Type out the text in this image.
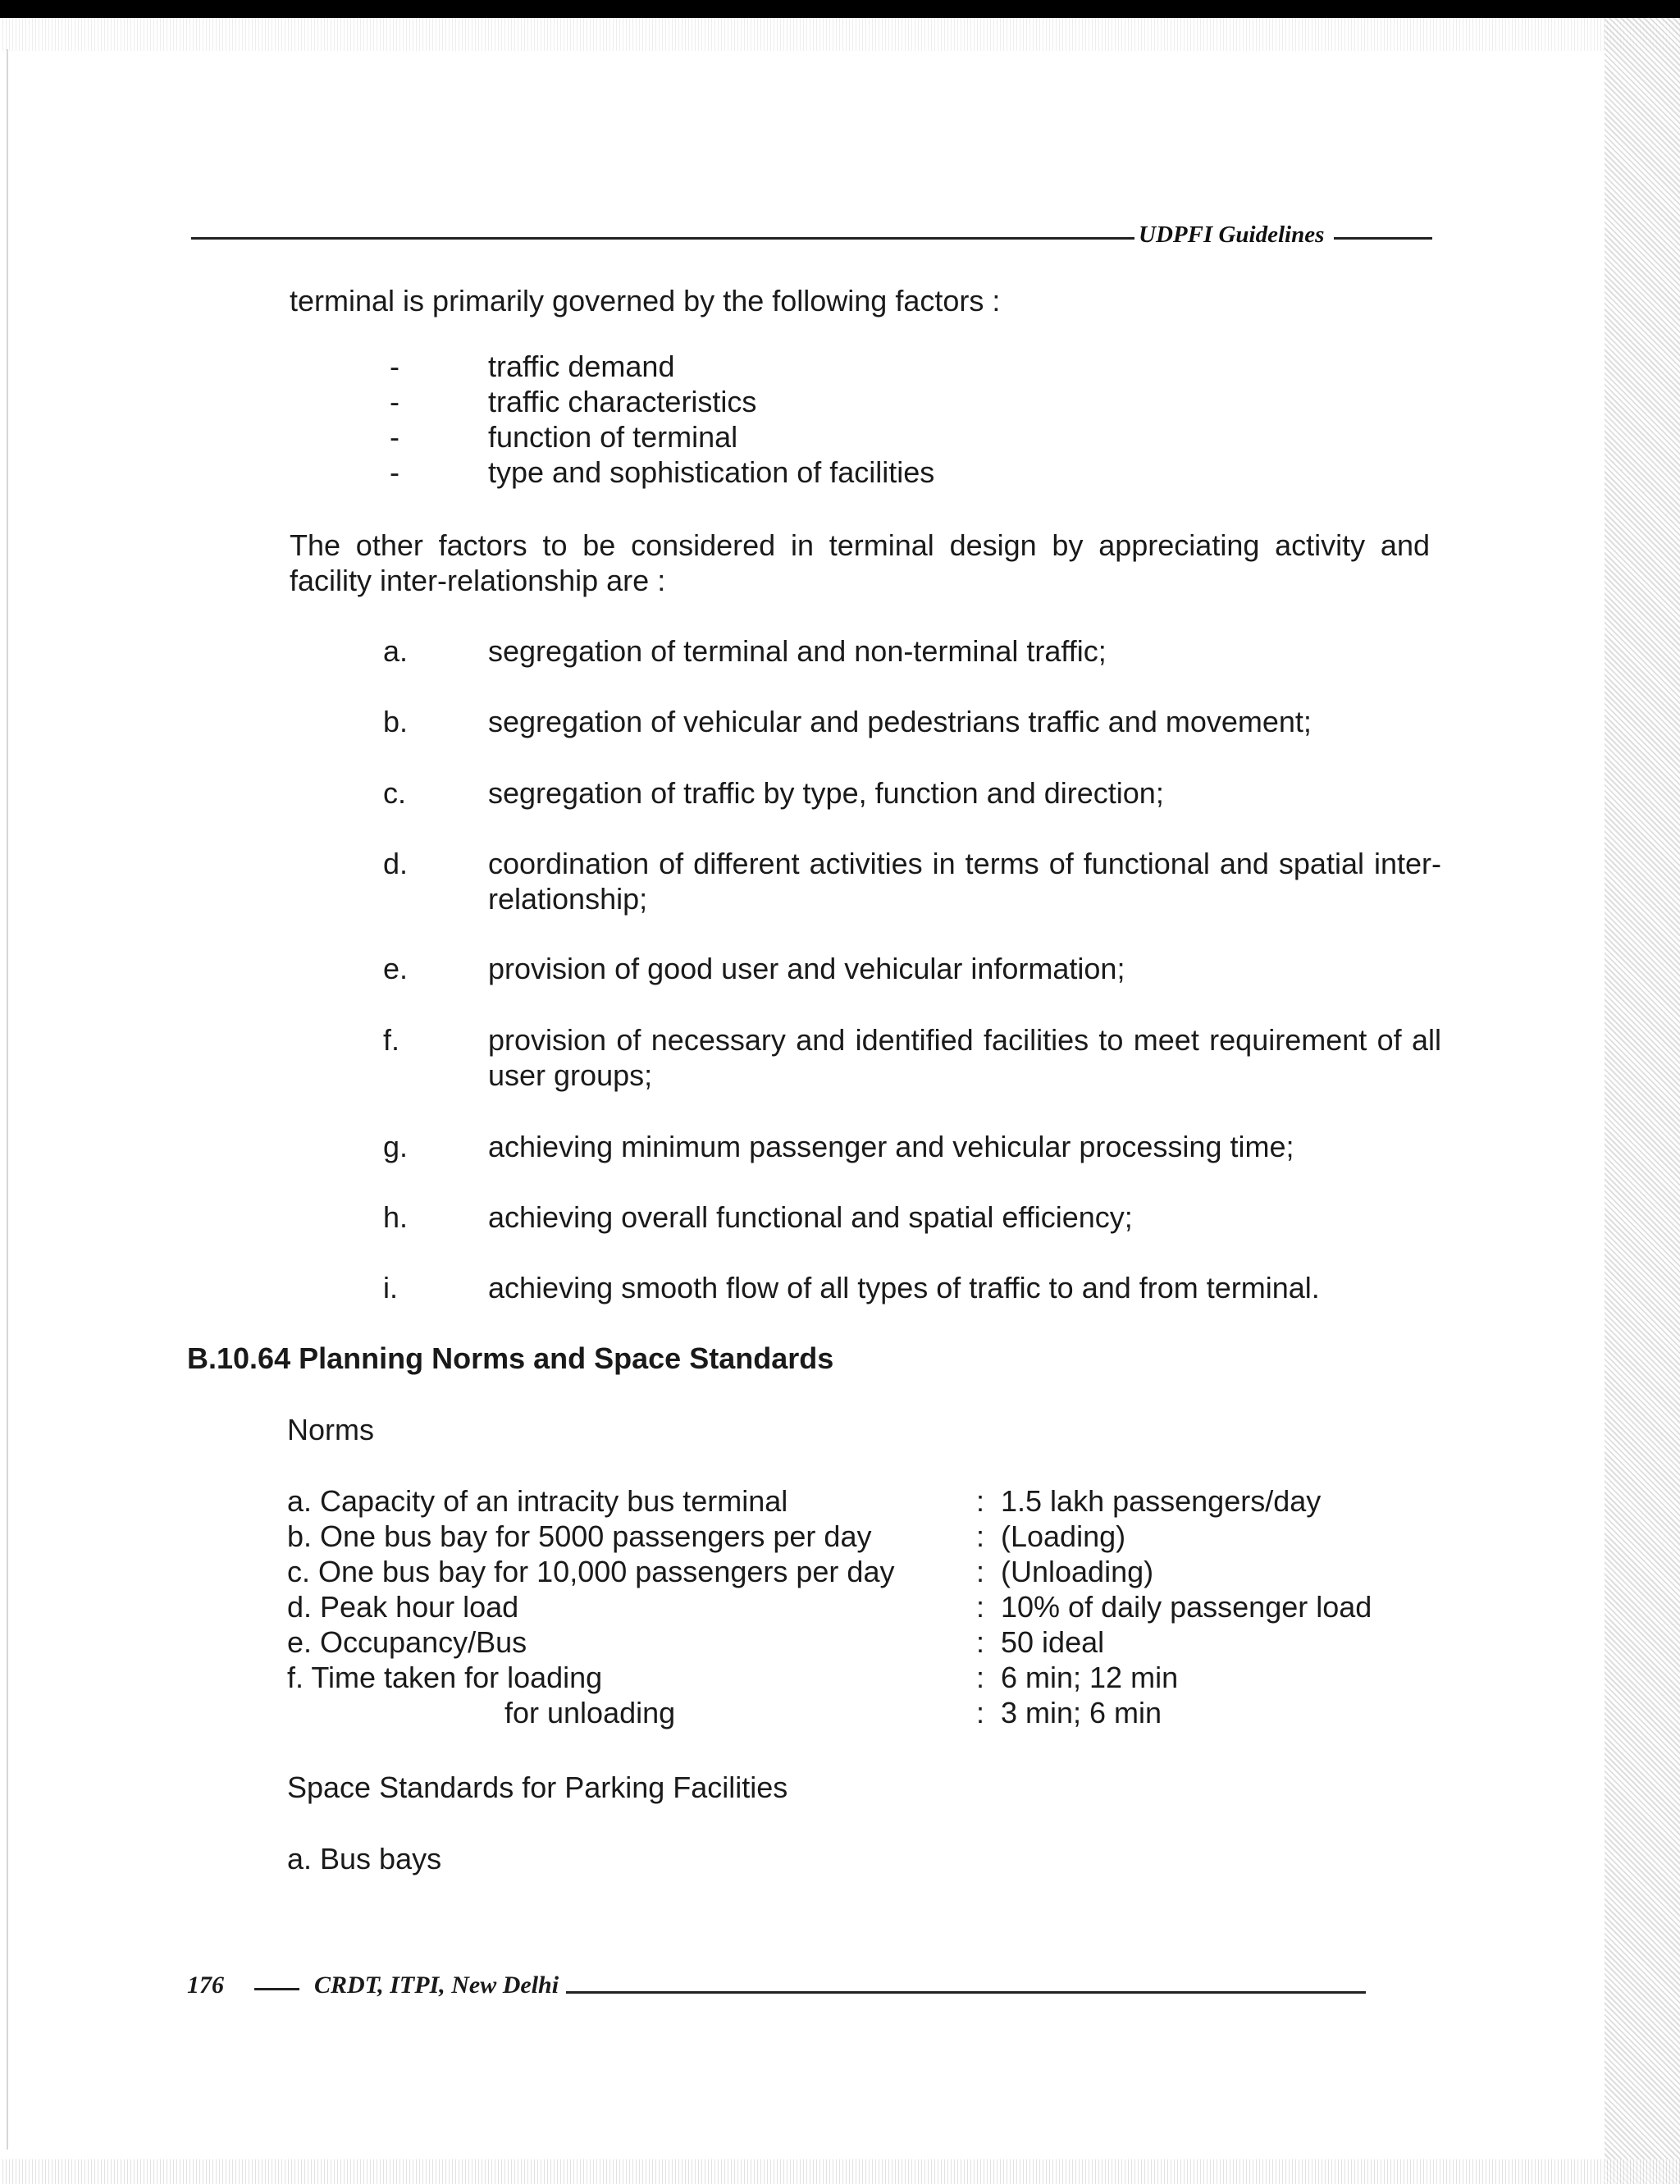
UDPFI Guidelines
terminal is primarily governed by the following factors :
-	traffic demand
-	traffic characteristics
-	function of terminal
-	type and sophistication of facilities
The other factors to be considered in terminal design by appreciating activity and facility inter-relationship are :
a.	segregation of terminal and non-terminal traffic;
b.	segregation of vehicular and pedestrians traffic and movement;
c.	segregation of traffic by type, function and direction;
d.	coordination of different activities in terms of functional and spatial inter-relationship;
e.	provision of good user and vehicular information;
f.	provision of necessary and identified facilities to meet requirement of all user groups;
g.	achieving minimum passenger and vehicular processing time;
h.	achieving overall functional and spatial efficiency;
i.	achieving smooth flow of all types of traffic to and from terminal.
B.10.64 Planning Norms and Space Standards
Norms
a. Capacity of an intracity bus terminal	:	1.5 lakh passengers/day
b. One bus bay for 5000 passengers per day	:	(Loading)
c. One bus bay for 10,000 passengers per day	:	(Unloading)
d. Peak hour load	:	10% of daily passenger load
e. Occupancy/Bus	:	50 ideal
f. Time taken for loading	:	6 min; 12 min
for unloading	:	3 min; 6 min
Space Standards for Parking Facilities
a. Bus bays
176	CRDT, ITPI, New Delhi
